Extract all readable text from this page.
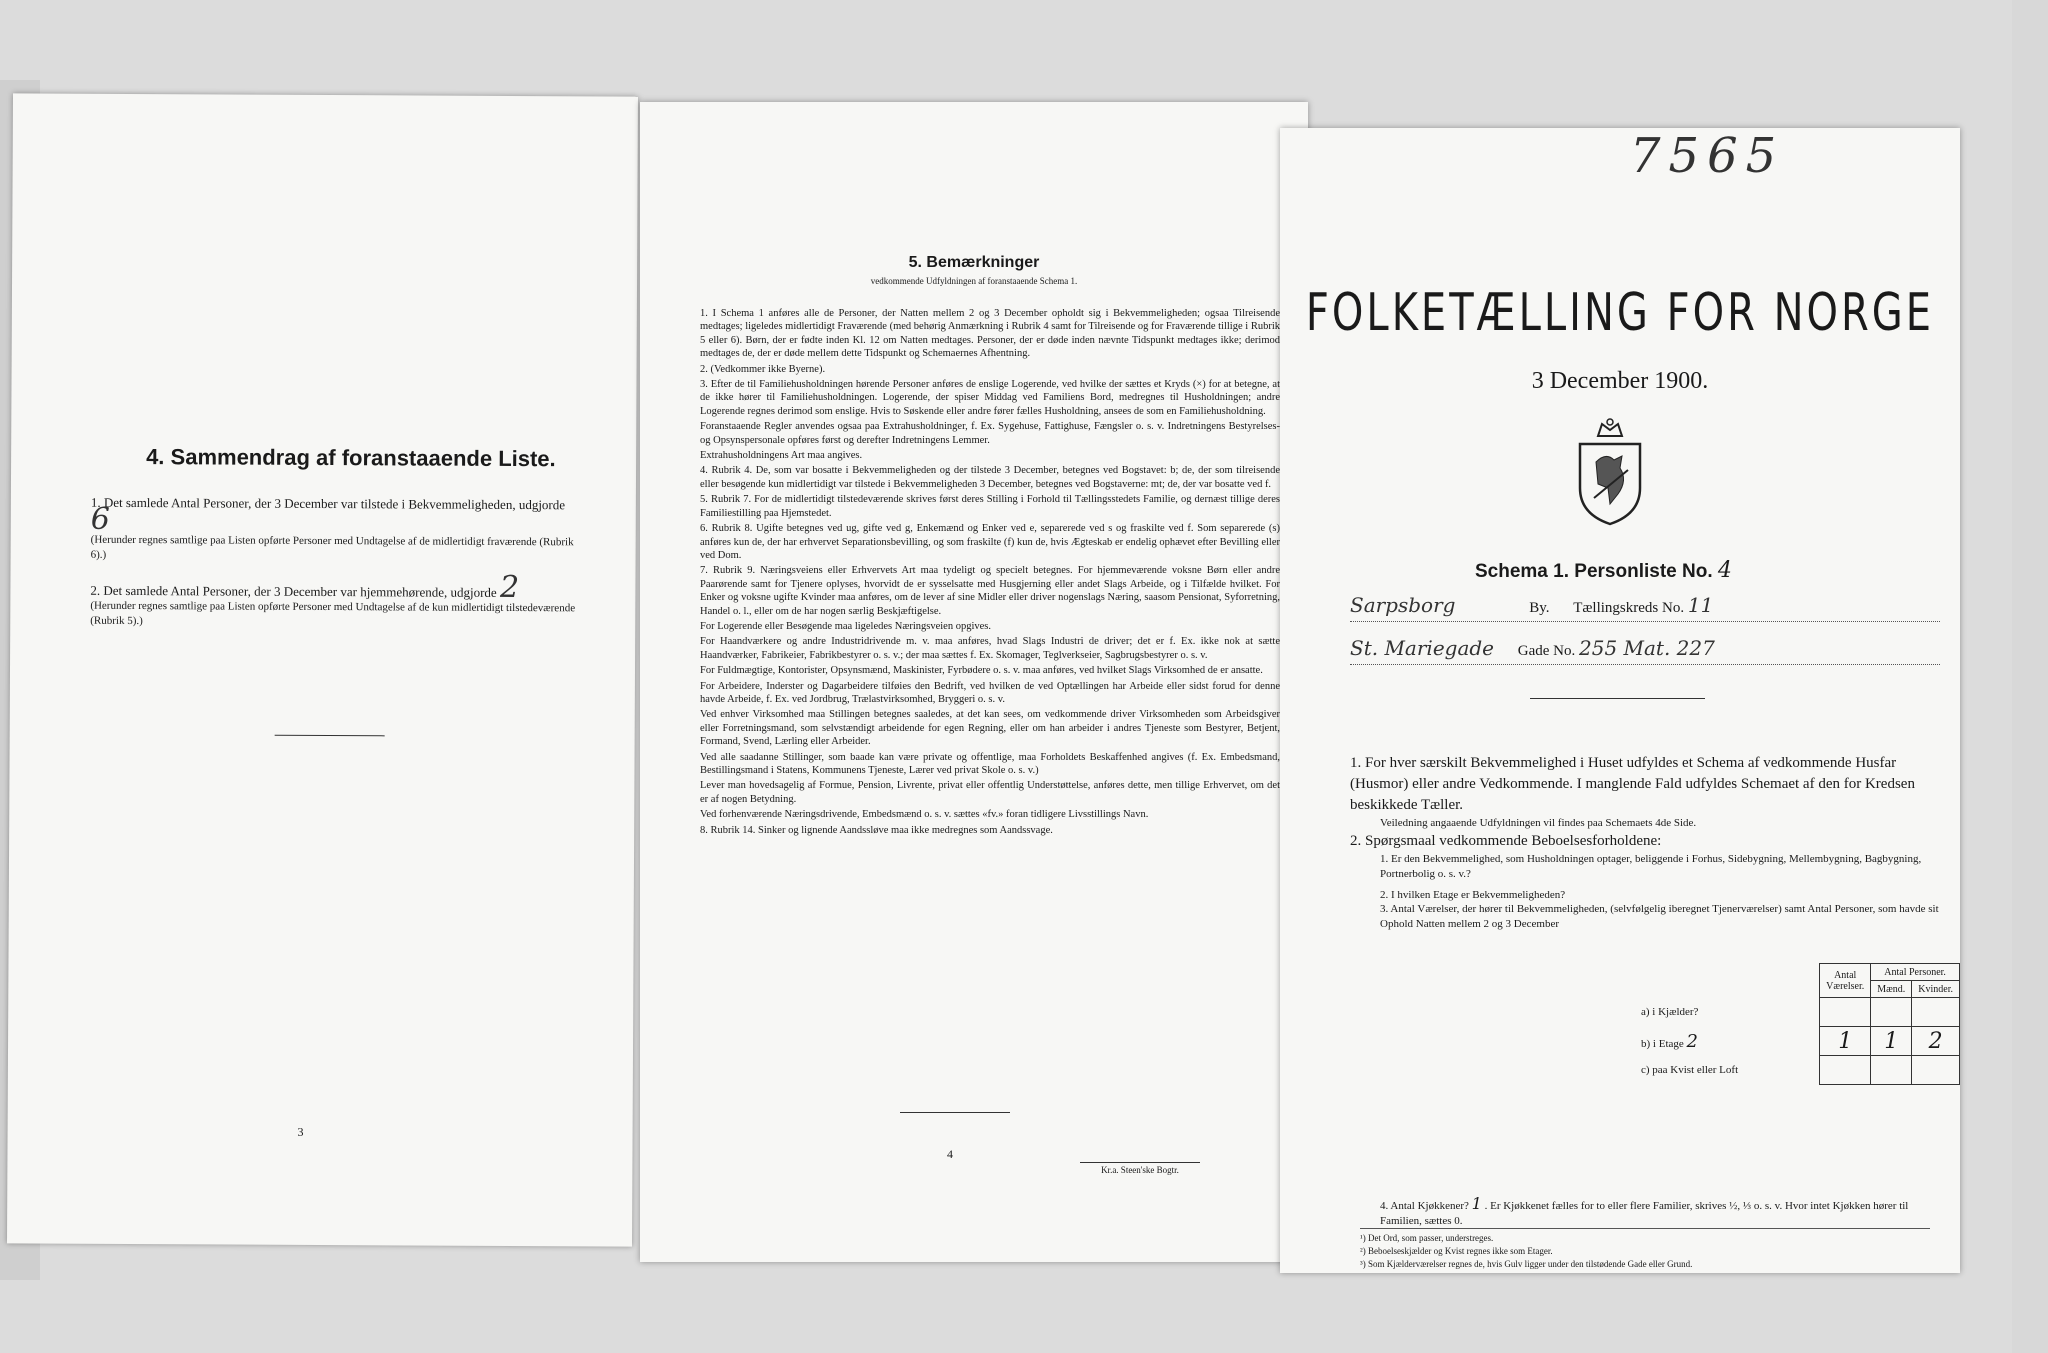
4. Sammendrag af foranstaaende Liste.
1. Det samlede Antal Personer, der 3 December var tilstede i Bekvemmeligheden, udgjorde 6
(Herunder regnes samtlige paa Listen opførte Personer med Undtagelse af de midlertidigt fraværende (Rubrik 6).)
2. Det samlede Antal Personer, der 3 December var hjemmehørende, udgjorde 2
(Herunder regnes samtlige paa Listen opførte Personer med Undtagelse af de kun midlertidigt tilstedeværende (Rubrik 5).)
3
5. Bemærkninger
vedkommende Udfyldningen af foranstaaende Schema 1.

1. I Schema 1 anføres alle de Personer, der Natten mellem 2 og 3 December opholdt sig i Bekvemmeligheden; ogsaa Tilreisende medtages; ligeledes midlertidigt Fraværende (med behørig Anmærkning i Rubrik 4 samt for Tilreisende og for Fraværende tillige i Rubrik 5 eller 6). Børn, der er fødte inden Kl. 12 om Natten medtages. Personer, der er døde inden nævnte Tidspunkt medtages ikke; derimod medtages de, der er døde mellem dette Tidspunkt og Schemaernes Afhentning.

2. (Vedkommer ikke Byerne).

3. Efter de til Familiehusholdningen hørende Personer anføres de enslige Logerende, ved hvilke der sættes et Kryds (×) for at betegne, at de ikke hører til Familiehusholdningen. Logerende, der spiser Middag ved Familiens Bord, medregnes til Husholdningen; andre Logerende regnes derimod som enslige. Hvis to Søskende eller andre fører fælles Husholdning, ansees de som en Familiehusholdning.

Foranstaaende Regler anvendes ogsaa paa Extrahusholdninger, f. Ex. Sygehuse, Fattighuse, Fængsler o. s. v. Indretningens Bestyrelses- og Opsynspersonale opføres først og derefter Indretningens Lemmer.

Extrahusholdningens Art maa angives.

4. Rubrik 4. De, som var bosatte i Bekvemmeligheden og der tilstede 3 December, betegnes ved Bogstavet: b; de, der som tilreisende eller besøgende kun midlertidigt var tilstede i Bekvemmeligheden 3 December, betegnes ved Bogstaverne: mt; de, der var bosatte ved f.

5. Rubrik 7. For de midlertidigt tilstedeværende skrives først deres Stilling i Forhold til Tællingsstedets Familie, og dernæst tillige deres Familiestilling paa Hjemstedet.

6. Rubrik 8. Ugifte betegnes ved ug, gifte ved g, Enkemænd og Enker ved e, separerede ved s og fraskilte ved f. Som separerede (s) anføres kun de, der har erhvervet Separationsbevilling, og som fraskilte (f) kun de, hvis Ægteskab er endelig ophævet efter Bevilling eller ved Dom.

7. Rubrik 9. Næringsveiens eller Erhvervets Art maa tydeligt og specielt betegnes. For hjemmeværende voksne Børn eller andre Paarørende samt for Tjenere oplyses, hvorvidt de er sysselsatte med Husgjerning eller andet Slags Arbeide, og i Tilfælde hvilket. For Enker og voksne ugifte Kvinder maa anføres, om de lever af sine Midler eller driver nogenslags Næring, saasom Pensionat, Syforretning, Handel o. l., eller om de har nogen særlig Beskjæftigelse.

For Logerende eller Besøgende maa ligeledes Næringsveien opgives.

For Haandværkere og andre Industridrivende m. v. maa anføres, hvad Slags Industri de driver; det er f. Ex. ikke nok at sætte Haandværker, Fabrikeier, Fabrikbestyrer o. s. v.; der maa sættes f. Ex. Skomager, Teglverkseier, Sagbrugsbestyrer o. s. v.

For Fuldmægtige, Kontorister, Opsynsmænd, Maskinister, Fyrbødere o. s. v. maa anføres, ved hvilket Slags Virksomhed de er ansatte.

For Arbeidere, Inderster og Dagarbeidere tilføies den Bedrift, ved hvilken de ved Optællingen har Arbeide eller sidst forud for denne havde Arbeide, f. Ex. ved Jordbrug, Trælastvirksomhed, Bryggeri o. s. v.

Ved enhver Virksomhed maa Stillingen betegnes saaledes, at det kan sees, om vedkommende driver Virksomheden som Arbeidsgiver eller Forretningsmand, som selvstændigt arbeidende for egen Regning, eller om han arbeider i andres Tjeneste som Bestyrer, Betjent, Formand, Svend, Lærling eller Arbeider.

Ved alle saadanne Stillinger, som baade kan være private og offentlige, maa Forholdets Beskaffenhed angives (f. Ex. Embedsmand, Bestillingsmand i Statens, Kommunens Tjeneste, Lærer ved privat Skole o. s. v.)

Lever man hovedsagelig af Formue, Pension, Livrente, privat eller offentlig Understøttelse, anføres dette, men tillige Erhvervet, om det er af nogen Betydning.

Ved forhenværende Næringsdrivende, Embedsmænd o. s. v. sættes «fv.» foran tidligere Livsstillings Navn.

8. Rubrik 14. Sinker og lignende Aandssløve maa ikke medregnes som Aandssvage.

4
Kr.a. Steen'ske Bogtr.
7565
FOLKETÆLLING FOR NORGE
3 December 1900.
Schema 1. Personliste No. 4
Sarpsborg	By. Tællingskreds No. 11
St. Mariegade Gade No. 255 Mat. 227
1. For hver særskilt Bekvemmelighed i Huset udfyldes et Schema af vedkommende Husfar (Husmor) eller andre Vedkommende. I manglende Fald udfyldes Schemaet af den for Kredsen beskikkede Tæller.
Veiledning angaaende Udfyldningen vil findes paa Schemaets 4de Side.
2. Spørgsmaal vedkommende Beboelsesforholdene:
1. Er den Bekvemmelighed, som Husholdningen optager, beliggende i Forhus, Sidebygning, Mellembygning, Bagbygning, Portnerbolig o. s. v.?
2. I hvilken Etage er Bekvemmeligheden?
3. Antal Værelser, der hører til Bekvemmeligheden, (selvfølgelig iberegnet Tjenerværelser) samt Antal Personer, som havde sit Ophold Natten mellem 2 og 3 December
	Antal Værelser.	Antal Personer.	
		Mænd.	Kvinder.
a) i Kjælder?			
b) i Etage 2	1	1	2
c) paa Kvist eller Loft			
4. Antal Kjøkkener? 1 . Er Kjøkkenet fælles for to eller flere Familier, skrives ½, ⅓ o. s. v. Hvor intet Kjøkken hører til Familien, sættes 0.
¹) Det Ord, som passer, understreges.
²) Beboelseskjælder og Kvist regnes ikke som Etager.
³) Som Kjælderværelser regnes de, hvis Gulv ligger under den tilstødende Gade eller Grund.
